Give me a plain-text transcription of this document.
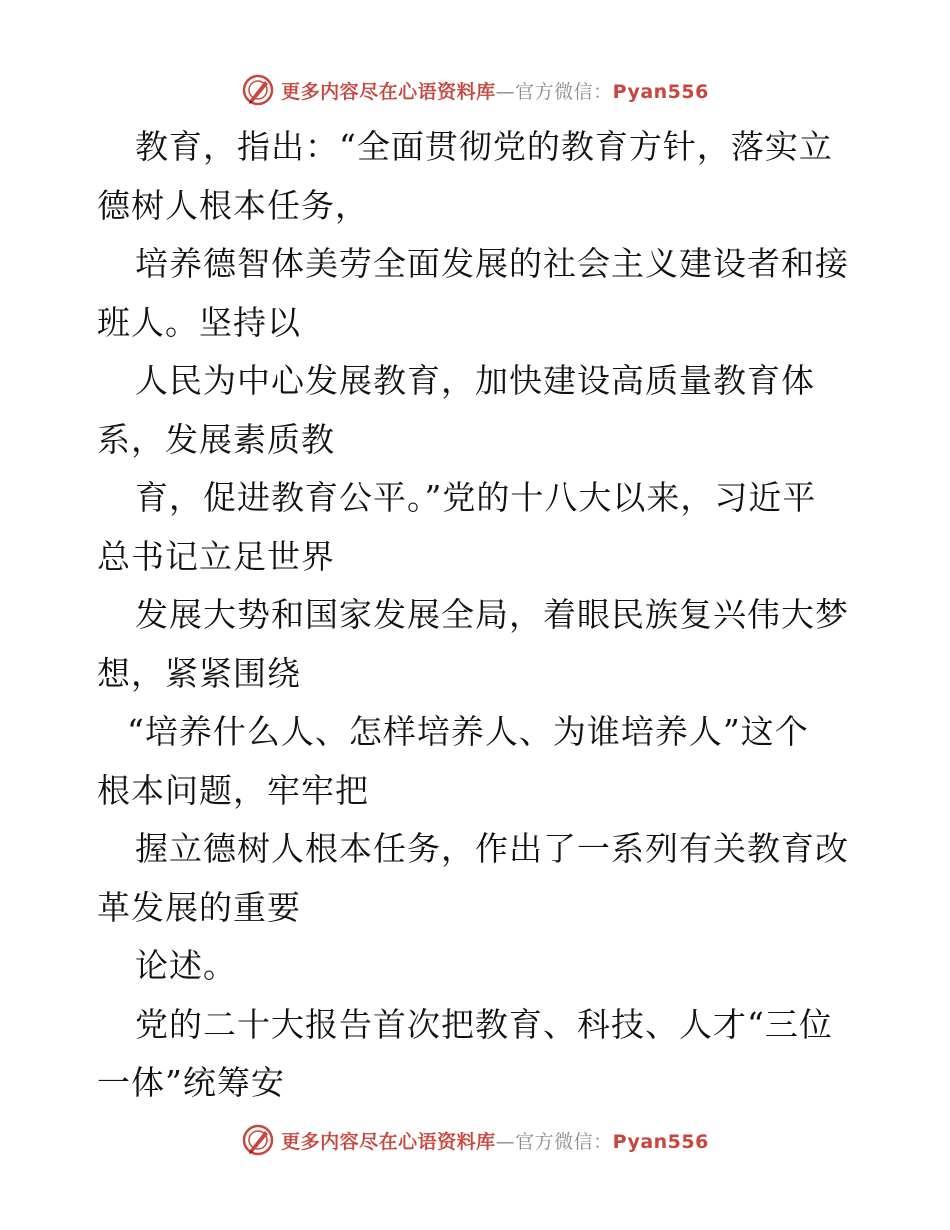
更多内容尽在心语资料库—官方微信：Pyan556
教育，指出：“全面贯彻党的教育方针，落实立
德树人根本任务，
培养德智体美劳全面发展的社会主义建设者和接
班人。坚持以
人民为中心发展教育，加快建设高质量教育体
系，发展素质教
育，促进教育公平。”党的十八大以来，习近平
总书记立足世界
发展大势和国家发展全局，着眼民族复兴伟大梦
想，紧紧围绕
“培养什么人、怎样培养人、为谁培养人”这个
根本问题，牢牢把
握立德树人根本任务，作出了一系列有关教育改
革发展的重要
论述。
党的二十大报告首次把教育、科技、人才“三位
一体”统筹安
更多内容尽在心语资料库—官方微信：Pyan556
